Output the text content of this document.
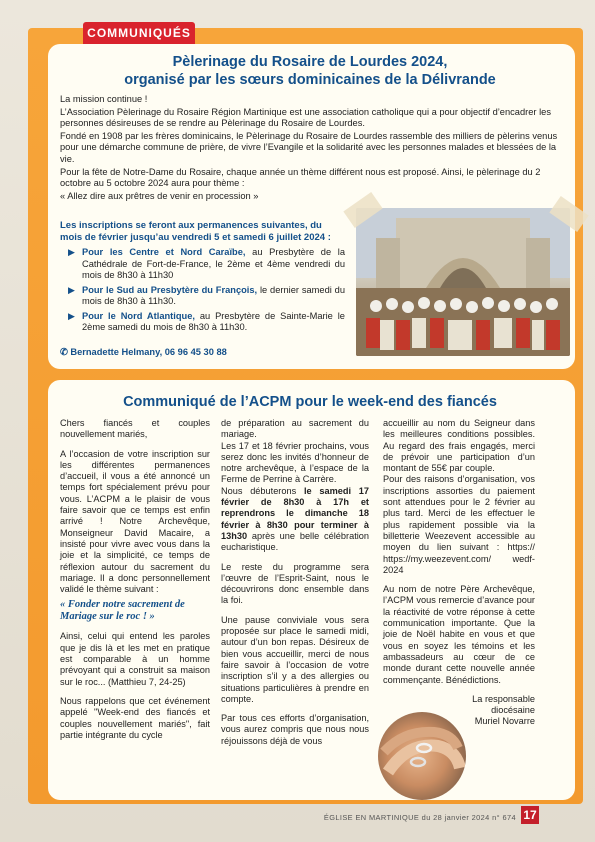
COMMUNIQUÉS
Pèlerinage du Rosaire de Lourdes 2024,
organisé par les sœurs dominicaines de la Délivrande

La mission continue !

L’Association Pèlerinage du Rosaire Région Martinique est une association catholique qui a pour objectif d’encadrer les personnes désireuses de se rendre au Pèlerinage du Rosaire de Lourdes.

Fondé en 1908 par les frères dominicains, le Pèlerinage du Rosaire de Lourdes rassemble des milliers de pèlerins venus pour une démarche commune de prière, de vivre l’Evangile et la solidarité avec les personnes malades et blessées de la vie.

Pour la fête de Notre-Dame du Rosaire, chaque année un thème différent nous est proposé. Ainsi, le pèlerinage du 2 octobre au 5 octobre 2024 aura pour thème :

« Allez dire aux prêtres de venir en procession »

Les inscriptions se feront aux permanences suivantes, du mois de février jusqu’au vendredi 5 et samedi 6 juillet 2024 :

▶ Pour les Centre et Nord Caraïbe, au Presbytère de la Cathédrale de Fort-de-France, le 2ème et 4ème vendredi du mois de 8h30 à 11h30
▶ Pour le Sud au Presbytère du François, le dernier samedi du mois de 8h30 à 11h30.
▶ Pour le Nord Atlantique, au Presbytère de Sainte-Marie le 2ème samedi du mois de 8h30 à 11h30.
✆ Bernadette Helmany, 06 96 45 30 88
Communiqué de l’ACPM pour le week-end des fiancés

Chers fiancés et couples nouvellement mariés,

A l’occasion de votre inscription sur les différentes permanences d’accueil, il vous a été annoncé un temps fort spécialement prévu pour vous. L’ACPM a le plaisir de vous faire savoir que ce temps est enfin arrivé ! Notre Archevêque, Monseigneur David Macaire, a insisté pour vivre avec vous dans la joie et la simplicité, ce temps de réflexion autour du sacrement du mariage. Il a donc personnellement validé le thème suivant :

« Fonder notre sacrement de Mariage sur le roc ! »

Ainsi, celui qui entend les paroles que je dis là et les met en pratique est comparable à un homme prévoyant qui a construit sa maison sur le roc... (Matthieu 7, 24-25)

Nous rappelons que cet événement appelé "Week-end des fiancés et couples nouvellement mariés", fait partie intégrante du cycle

de préparation au sacrement du mariage.

Les 17 et 18 février prochains, vous serez donc les invités d’honneur de notre archevêque, à l’espace de la Ferme de Perrine à Carrère.

Nous débuterons le samedi 17 février de 8h30 à 17h et reprendrons le dimanche 18 février à 8h30 pour terminer à 13h30 après une belle célébration eucharistique.

Le reste du programme sera l’œuvre de l’Esprit-Saint, nous le découvrirons donc ensemble dans la foi.

Une pause conviviale vous sera proposée sur place le samedi midi, autour d’un bon repas. Désireux de bien vous accueillir, merci de nous faire savoir à l’occasion de votre inscription s’il y a des allergies ou situations particulières à prendre en compte.

Par tous ces efforts d’organisation, vous aurez compris que nous nous réjouissons déjà de vous

accueillir au nom du Seigneur dans les meilleures conditions possibles. Au regard des frais engagés, merci de prévoir une participation d’un montant de 55€ par couple.

Pour des raisons d’organisation, vos inscriptions assorties du paiement sont attendues pour le 2 février au plus tard. Merci de les effectuer le plus rapidement possible via la billetterie Weezevent accessible au moyen du lien suivant : https:// https://my.weezevent.com/ wedf-2024

Au nom de notre Père Archevêque, l’ACPM vous remercie d’avance pour la réactivité de votre réponse à cette communication importante. Que la joie de Noël habite en vous et que vous en soyez les témoins et les ambassadeurs au cœur de ce monde durant cette nouvelle année commençante. Bénédictions.

La responsable
diocésaine
Muriel Novarre
ÉGLISE EN MARTINIQUE du 28 janvier 2024 n° 674 17
